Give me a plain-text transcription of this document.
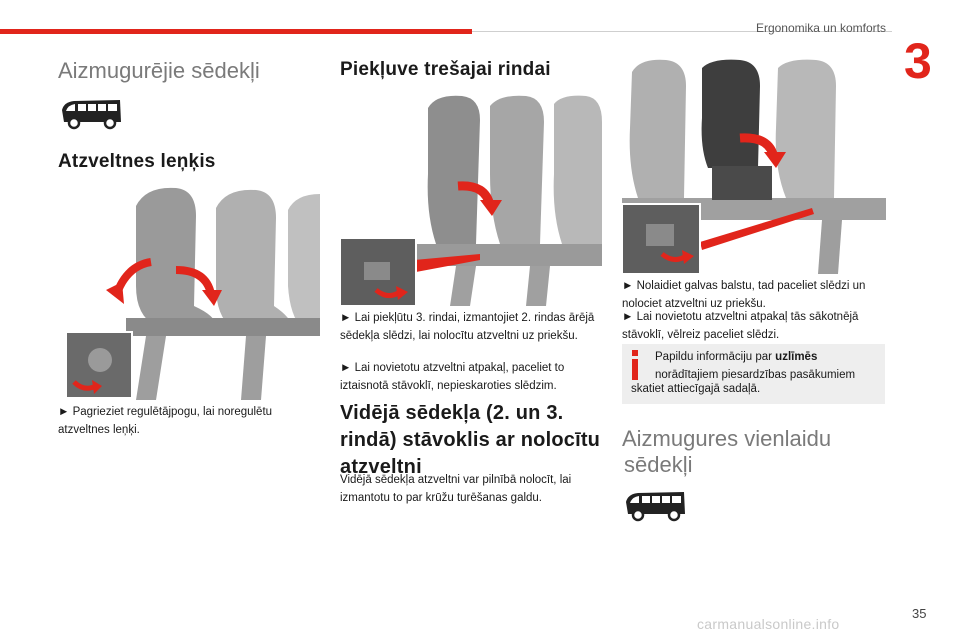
Ergonomika un komforts
3
Aizmugurējie sēdekļi
Atzveltnes leņķis

► Pagrieziet regulētājpogu, lai noregulētu atzveltnes leņķi.

Piekļuve trešajai rindai

► Lai piekļūtu 3. rindai, izmantojiet 2. rindas ārējā sēdekļa slēdzi, lai nolocītu atzveltni uz priekšu.

► Lai novietotu atzveltni atpakaļ, paceliet to iztaisnotā stāvoklī, nepieskaroties slēdzim.

Vidējā sēdekļa (2. un 3. rindā) stāvoklis ar nolocītu atzveltni

Vidējā sēdekļa atzveltni var pilnībā nolocīt, lai izmantotu to par krūžu turēšanas galdu.

► Nolaidiet galvas balstu, tad paceliet slēdzi un nolociet atzveltni uz priekšu.

► Lai novietotu atzveltni atpakaļ tās sākotnējā stāvoklī, vēlreiz paceliet slēdzi.

Papildu informāciju par uzlīmēs
norādītajiem piesardzības pasākumiem
skatiet attiecīgajā sadaļā.
Aizmugures vienlaidu
sēdekļi
35
carmanualsonline.info
